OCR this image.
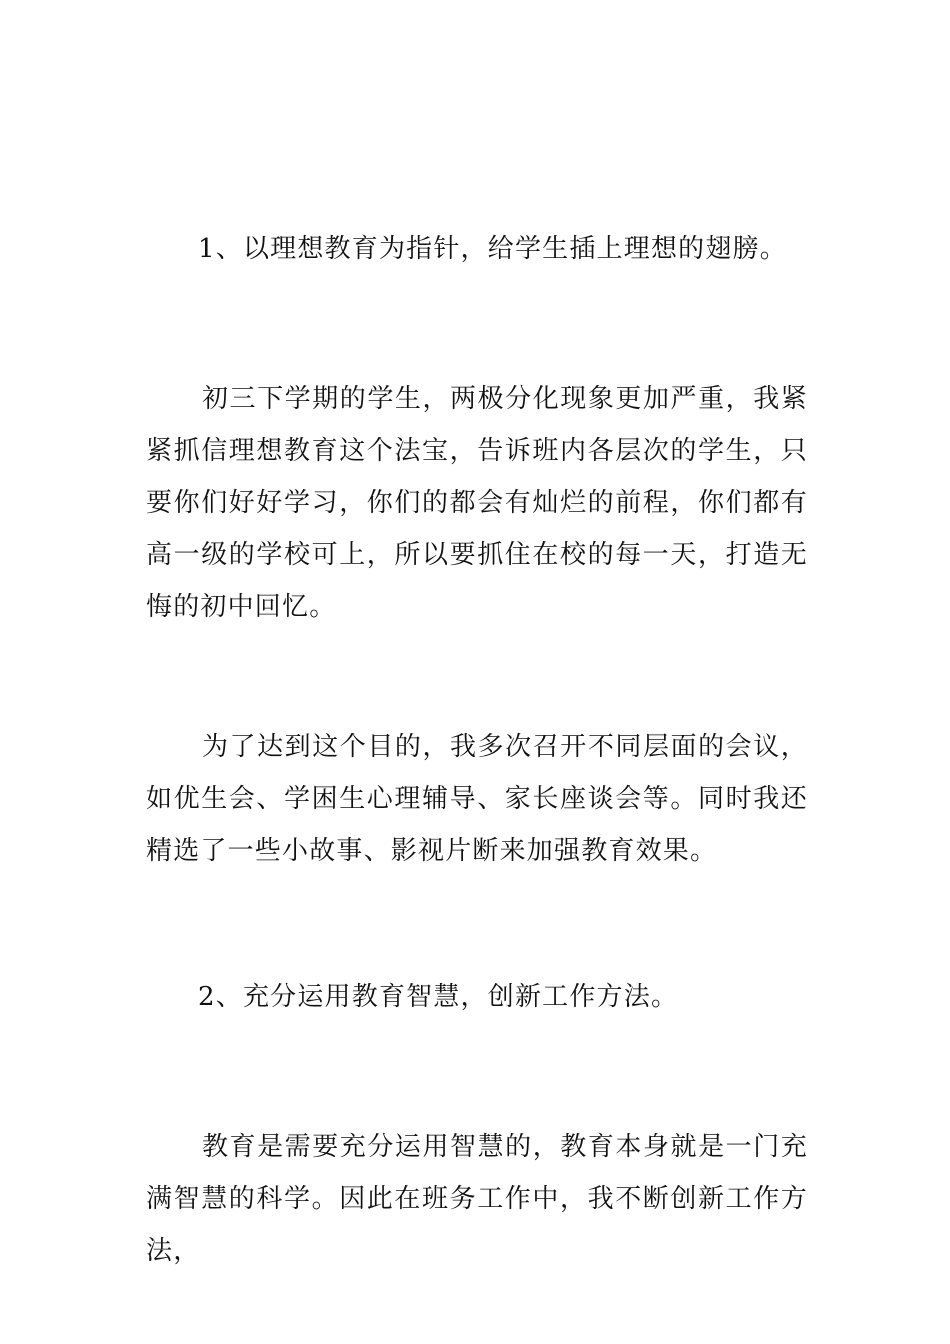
1、以理想教育为指针，给学生插上理想的翅膀。

初三下学期的学生，两极分化现象更加严重，我紧紧抓信理想教育这个法宝，告诉班内各层次的学生，只要你们好好学习，你们的都会有灿烂的前程，你们都有高一级的学校可上，所以要抓住在校的每一天，打造无悔的初中回忆。

为了达到这个目的，我多次召开不同层面的会议，如优生会、学困生心理辅导、家长座谈会等。同时我还精选了一些小故事、影视片断来加强教育效果。

2、充分运用教育智慧，创新工作方法。

教育是需要充分运用智慧的，教育本身就是一门充满智慧的科学。因此在班务工作中，我不断创新工作方法，
